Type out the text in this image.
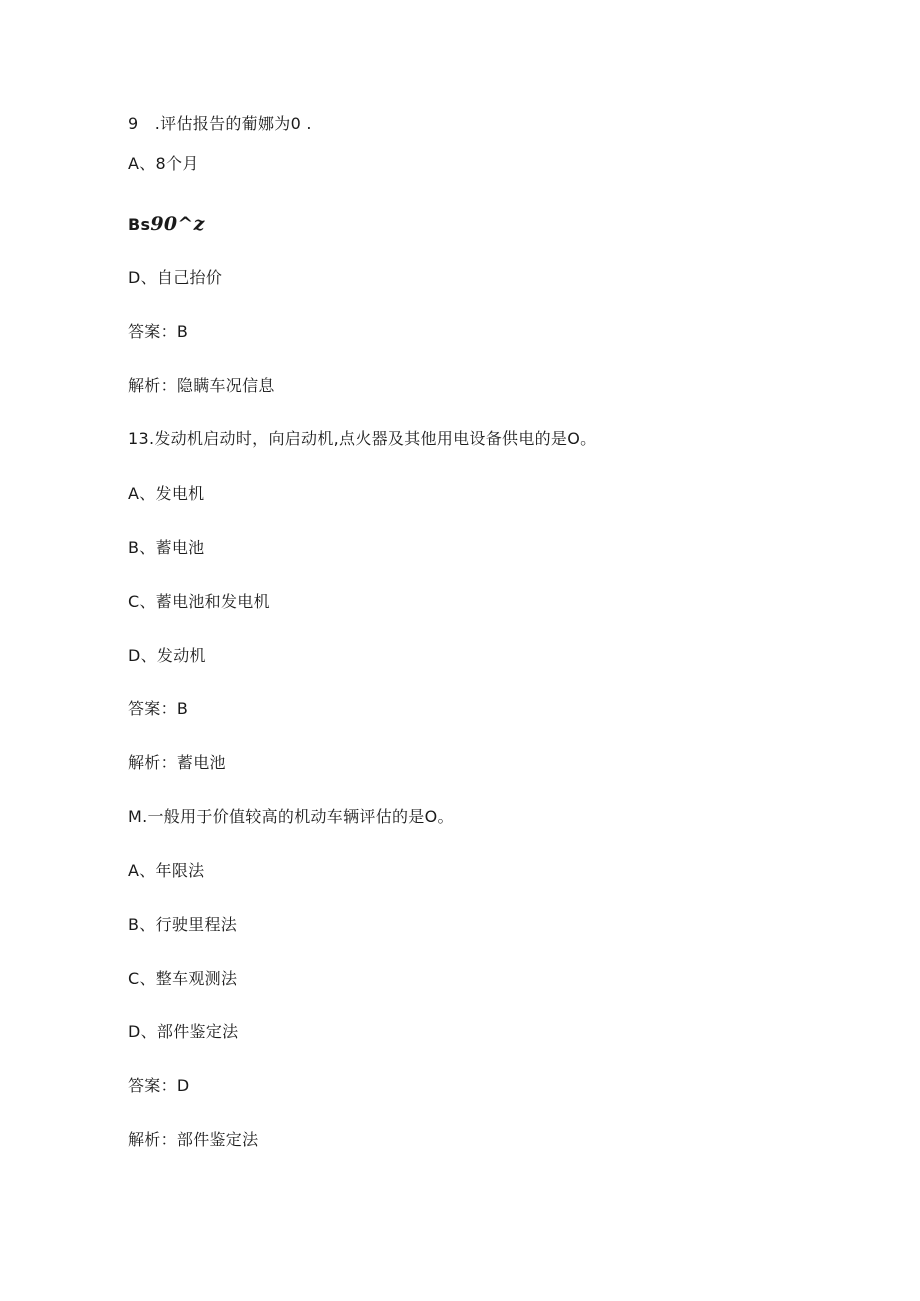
9　.评估报告的葡娜为0 .
A、8个月
Bs90^z
D、自己抬价
答案：B
解析：隐瞒车况信息
13.发动机启动时，向启动机,点火器及其他用电设备供电的是O。
A、发电机
B、蓄电池
C、蓄电池和发电机
D、发动机
答案：B
解析：蓄电池
M.一般用于价值较高的机动车辆评估的是O。
A、年限法
B、行驶里程法
C、整车观测法
D、部件鉴定法
答案：D
解析：部件鉴定法
